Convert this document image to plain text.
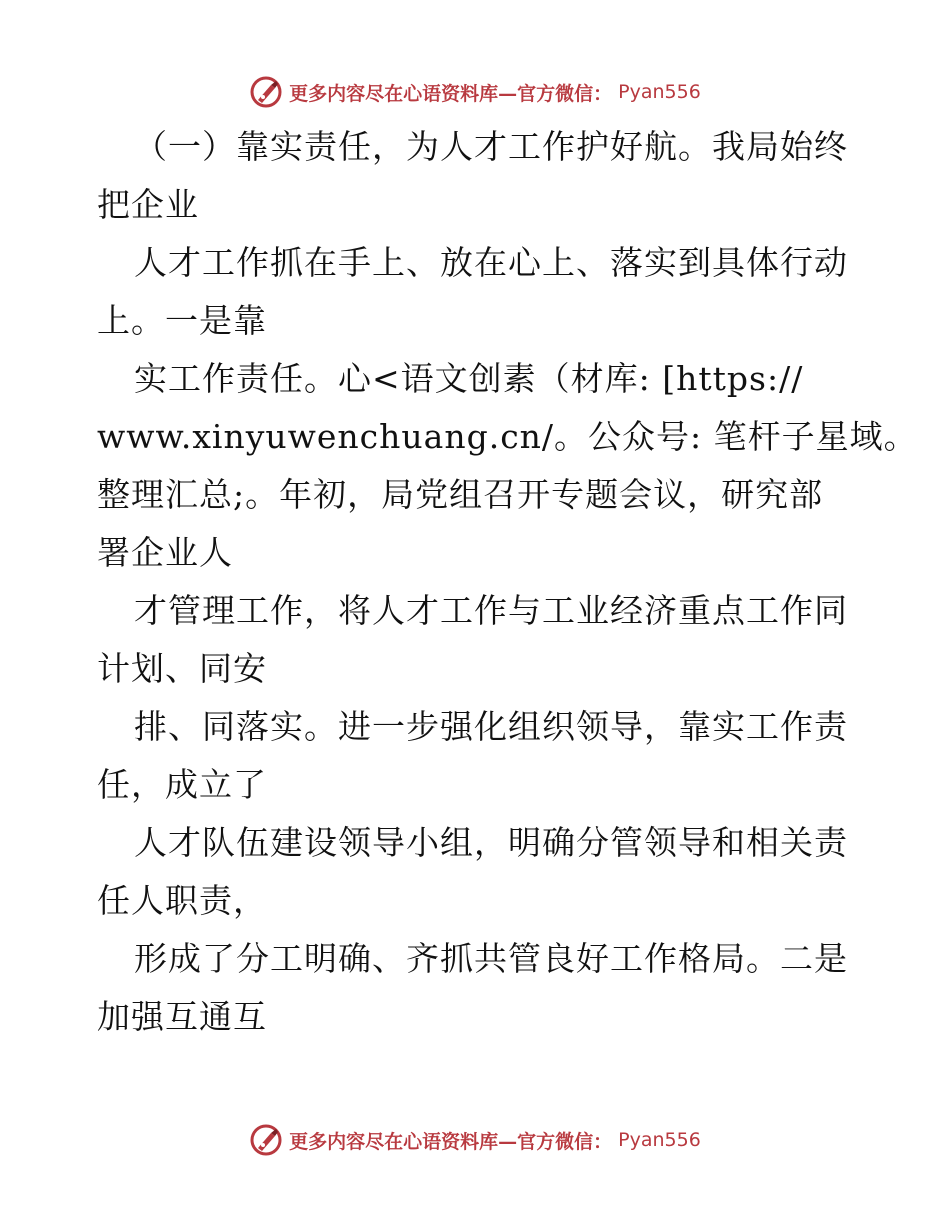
更多内容尽在心语资料库—官方微信： Pyan556
（一）靠实责任，为人才工作护好航。我局始终
把企业
人才工作抓在手上、放在心上、落实到具体行动
上。一是靠
实工作责任。心<语文创素（材库: [https://
www.xinyuwenchuang.cn/。公众号: 笔杆子星域。
整理汇总;。年初，局党组召开专题会议，研究部
署企业人
才管理工作，将人才工作与工业经济重点工作同
计划、同安
排、同落实。进一步强化组织领导，靠实工作责
任，成立了
人才队伍建设领导小组，明确分管领导和相关责
任人职责，
形成了分工明确、齐抓共管良好工作格局。二是
加强互通互
更多内容尽在心语资料库—官方微信： Pyan556
